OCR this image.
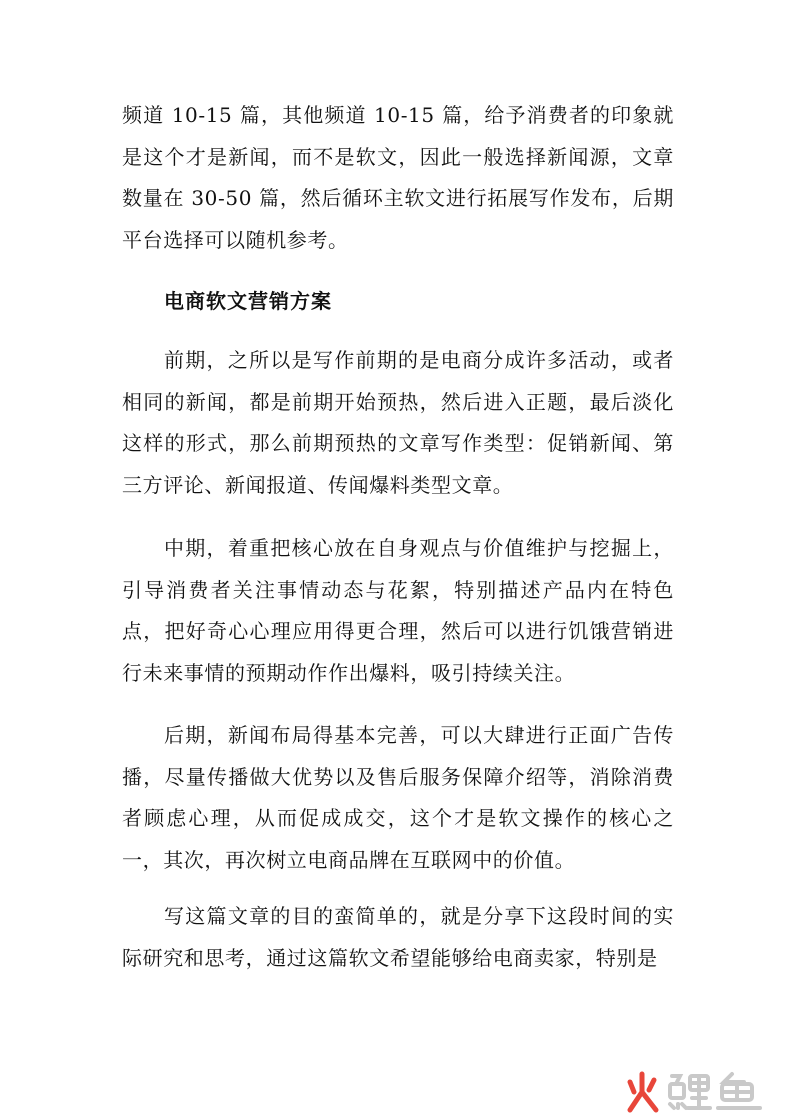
频道 10-15 篇，其他频道 10-15 篇，给予消费者的印象就是这个才是新闻，而不是软文，因此一般选择新闻源，文章数量在 30-50 篇，然后循环主软文进行拓展写作发布，后期平台选择可以随机参考。

电商软文营销方案

前期，之所以是写作前期的是电商分成许多活动，或者相同的新闻，都是前期开始预热，然后进入正题，最后淡化这样的形式，那么前期预热的文章写作类型：促销新闻、第三方评论、新闻报道、传闻爆料类型文章。

中期，着重把核心放在自身观点与价值维护与挖掘上，引导消费者关注事情动态与花絮，特别描述产品内在特色点，把好奇心心理应用得更合理，然后可以进行饥饿营销进行未来事情的预期动作作出爆料，吸引持续关注。

后期，新闻布局得基本完善，可以大肆进行正面广告传播，尽量传播做大优势以及售后服务保障介绍等，消除消费者顾虑心理，从而促成成交，这个才是软文操作的核心之一，其次，再次树立电商品牌在互联网中的价值。

写这篇文章的目的蛮简单的，就是分享下这段时间的实际研究和思考，通过这篇软文希望能够给电商卖家，特别是
